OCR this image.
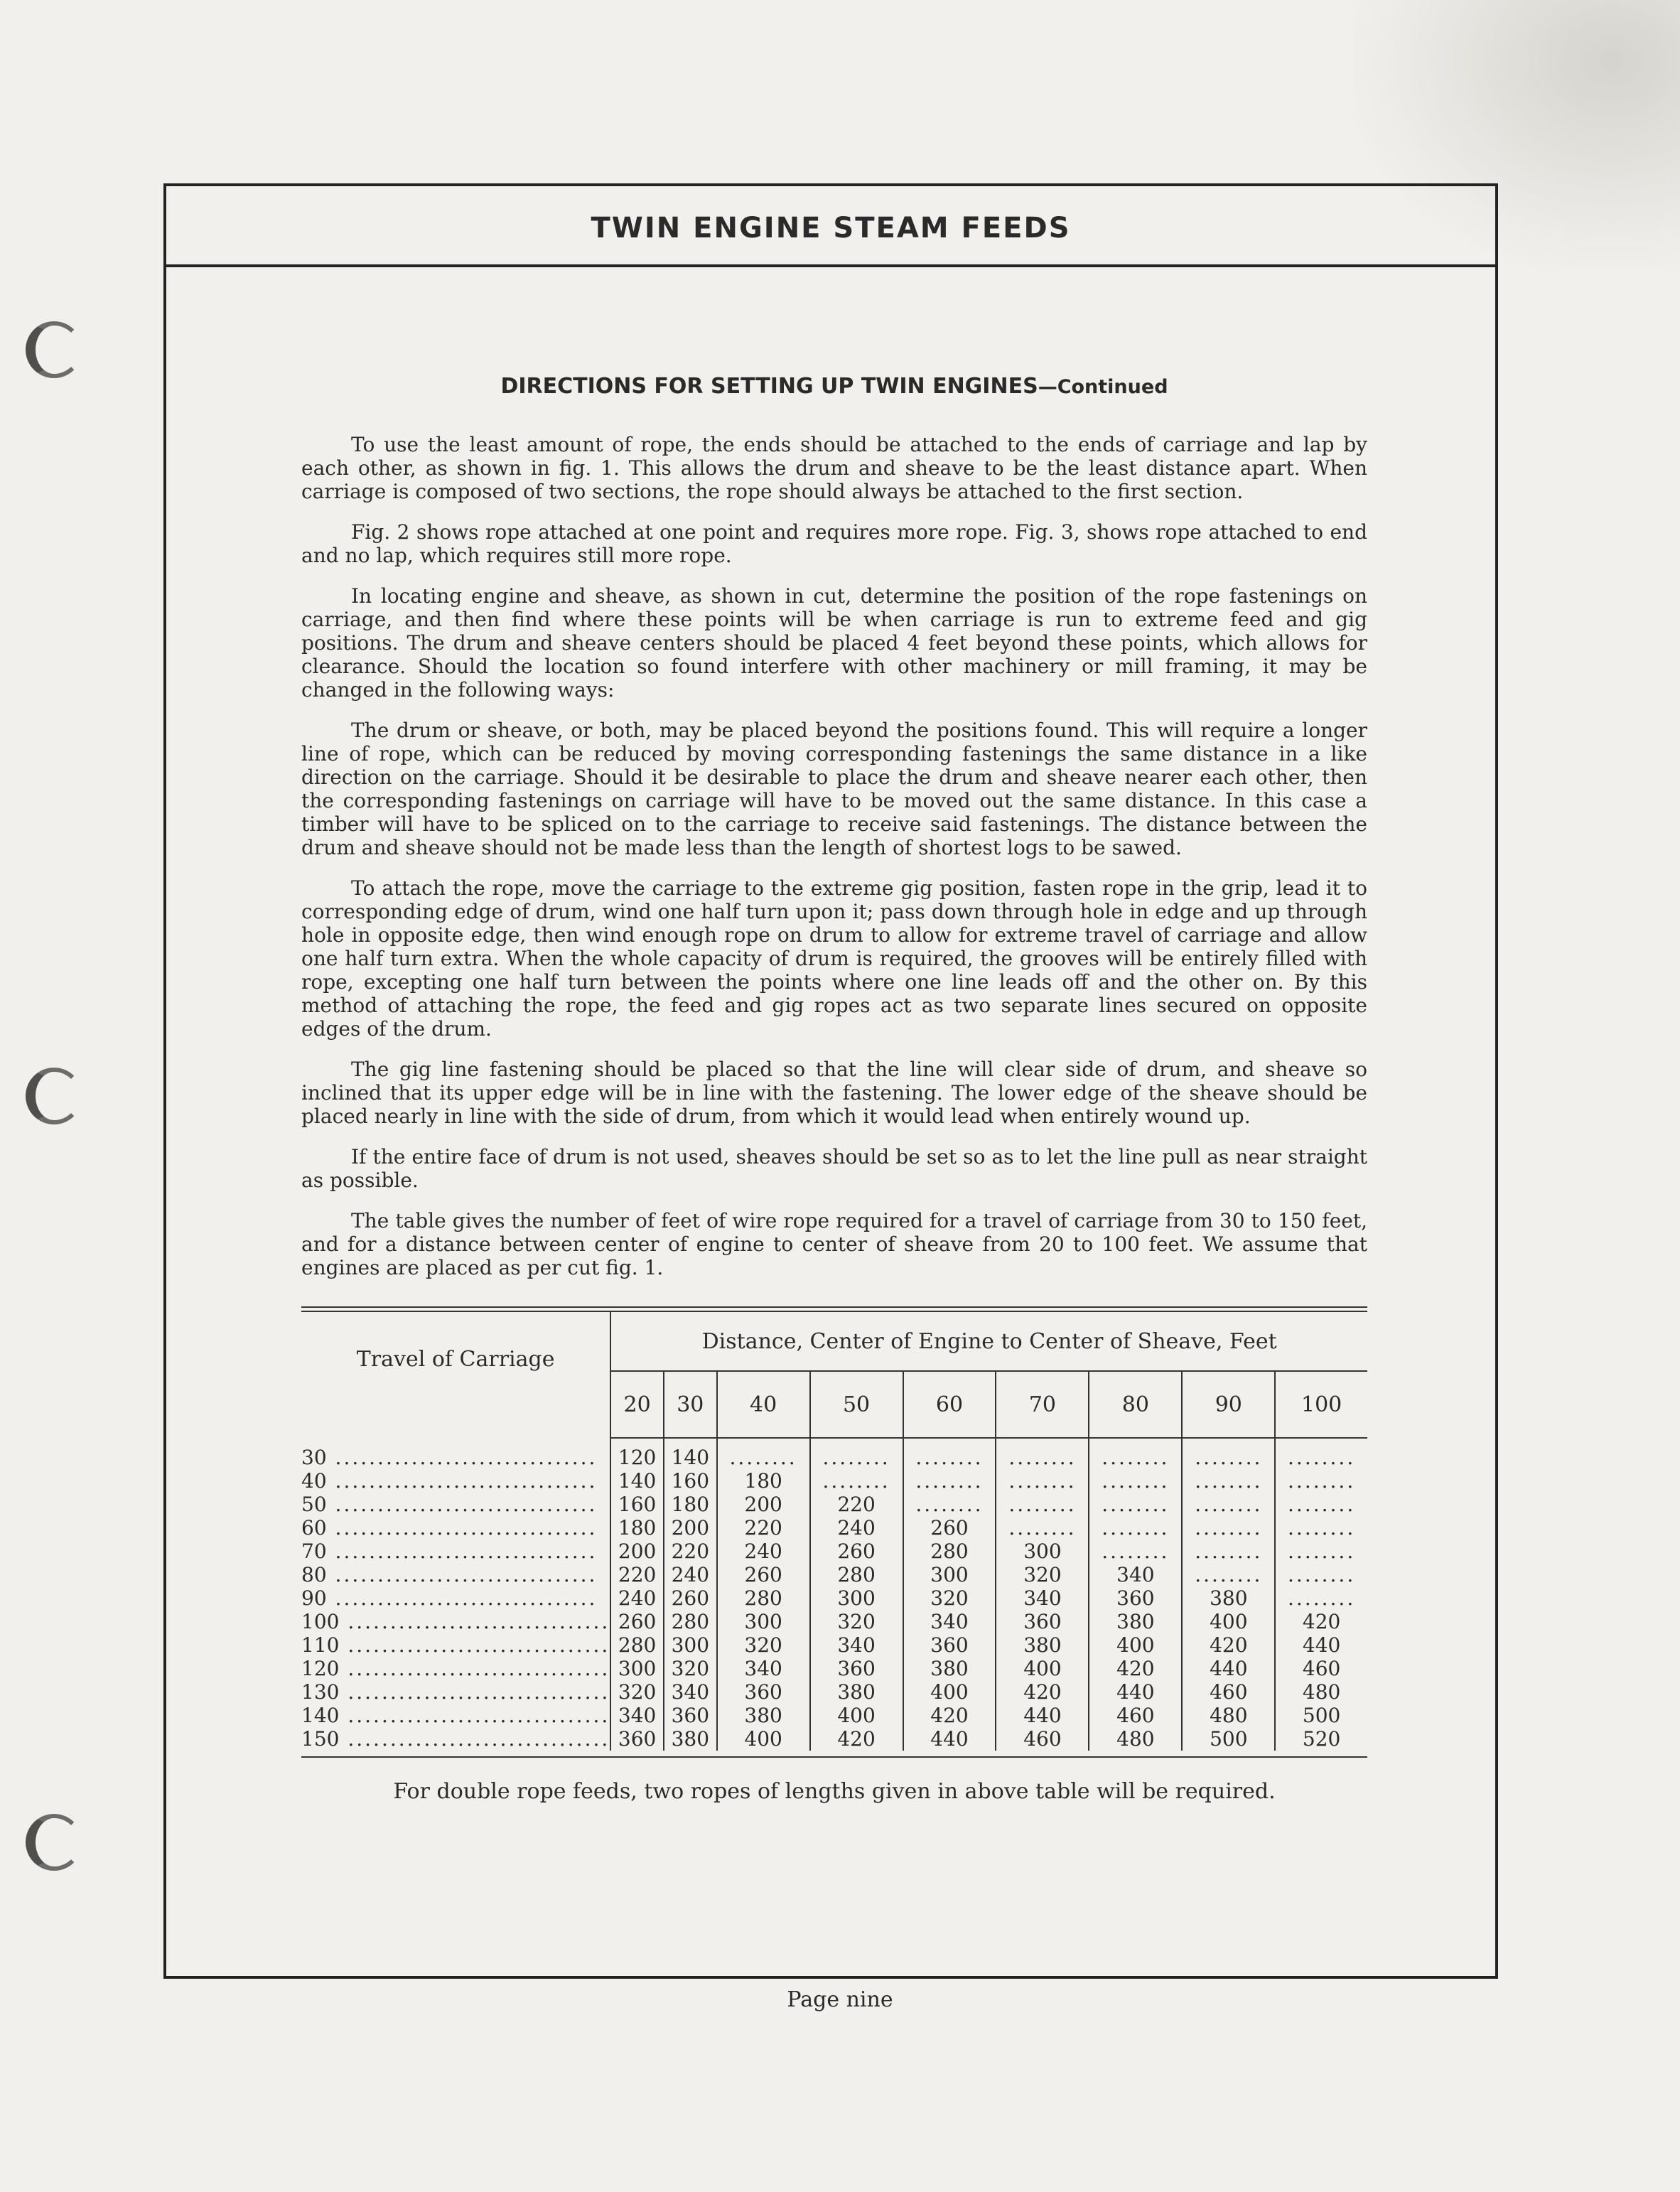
TWIN ENGINE STEAM FEEDS
DIRECTIONS FOR SETTING UP TWIN ENGINES—Continued

To use the least amount of rope, the ends should be attached to the ends of carriage and lap by each other, as shown in fig. 1. This allows the drum and sheave to be the least distance apart. When carriage is composed of two sections, the rope should always be attached to the first section.

Fig. 2 shows rope attached at one point and requires more rope. Fig. 3, shows rope attached to end and no lap, which requires still more rope.

In locating engine and sheave, as shown in cut, determine the position of the rope fastenings on carriage, and then find where these points will be when carriage is run to extreme feed and gig positions. The drum and sheave centers should be placed 4 feet beyond these points, which allows for clearance. Should the location so found interfere with other machinery or mill framing, it may be changed in the following ways:

The drum or sheave, or both, may be placed beyond the positions found. This will require a longer line of rope, which can be reduced by moving corresponding fastenings the same distance in a like direction on the carriage. Should it be desirable to place the drum and sheave nearer each other, then the corresponding fastenings on carriage will have to be moved out the same distance. In this case a timber will have to be spliced on to the carriage to receive said fastenings. The distance between the drum and sheave should not be made less than the length of shortest logs to be sawed.

To attach the rope, move the carriage to the extreme gig position, fasten rope in the grip, lead it to corresponding edge of drum, wind one half turn upon it; pass down through hole in edge and up through hole in opposite edge, then wind enough rope on drum to allow for extreme travel of carriage and allow one half turn extra. When the whole capacity of drum is required, the grooves will be entirely filled with rope, excepting one half turn between the points where one line leads off and the other on. By this method of attaching the rope, the feed and gig ropes act as two separate lines secured on opposite edges of the drum.

The gig line fastening should be placed so that the line will clear side of drum, and sheave so inclined that its upper edge will be in line with the fastening. The lower edge of the sheave should be placed nearly in line with the side of drum, from which it would lead when entirely wound up.

If the entire face of drum is not used, sheaves should be set so as to let the line pull as near straight as possible.

The table gives the number of feet of wire rope required for a travel of carriage from 30 to 150 feet, and for a distance between center of engine to center of sheave from 20 to 100 feet. We assume that engines are placed as per cut fig. 1.

Travel of Carriage	Distance, Center of Engine to Center of Sheave, Feet								
	20	30	40	50	60	70	80	90	100
30 .....	120	140	........	........	........	........	........	........	........
40 .....	140	160	180	........	........	........	........	........	........
50 .....	160	180	200	220	........	........	........	........	........
60 .....	180	200	220	240	260	........	........	........	........
70 .....	200	220	240	260	280	300	........	........	........
80 .....	220	240	260	280	300	320	340	........	........
90 .....	240	260	280	300	320	340	360	380	........
100 .....	260	280	300	320	340	360	380	400	420
110 .....	280	300	320	340	360	380	400	420	440
120 .....	300	320	340	360	380	400	420	440	460
130 .....	320	340	360	380	400	420	440	460	480
140 .....	340	360	380	400	420	440	460	480	500
150 .....	360	380	400	420	440	460	480	500	520
For double rope feeds, two ropes of lengths given in above table will be required.
Page nine
